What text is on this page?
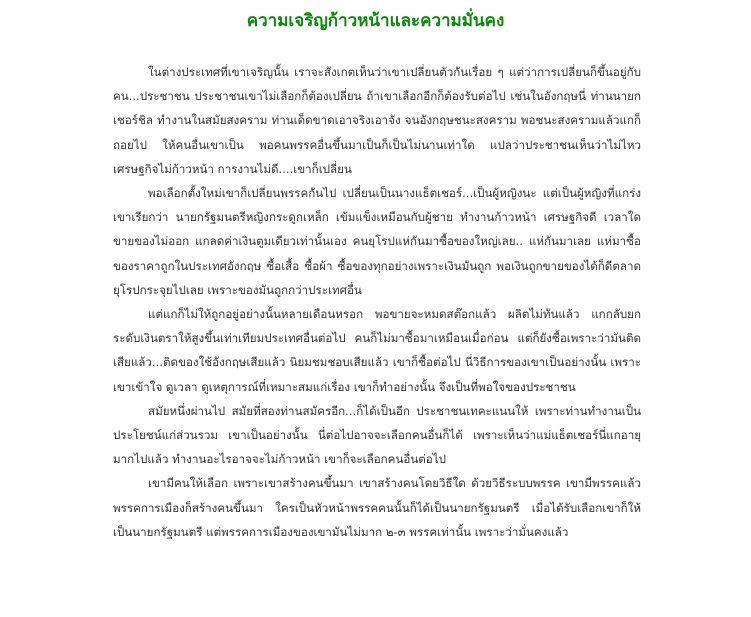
ความเจริญก้าวหน้าและความมั่นคง

ในต่างประเทศที่เขาเจริญนั้น เราจะสังเกตเห็นว่าเขาเปลี่ยนตัวกันเรื่อย ๆ แต่ว่าการเปลี่ยนก็ขึ้นอยู่กับคน...ประชาชน ประชาชนเขาไม่เลือกก็ต้องเปลี่ยน ถ้าเขาเลือกอีกก็ต้องรับต่อไป เช่นในอังกฤษนี่ ท่านนายกเชอร์ชิล ทำงานในสมัยสงคราม ท่านเด็ดขาดเอาจริงเอาจัง จนอังกฤษชนะสงคราม พอชนะสงครามแล้วแกก็ถอยไป ให้คนอื่นเขาเป็น พอคนพรรคอื่นขึ้นมาเป็นก็เป็นไม่นานเท่าใด แปลว่าประชาชนเห็นว่าไม่ไหว เศรษฐกิจไม่ก้าวหน้า การงานไม่ดี....เขาก็เปลี่ยน

พอเลือกตั้งใหม่เขาก็เปลี่ยนพรรคกันไป เปลี่ยนเป็นนางแธ็ตเชอร์...เป็นผู้หญิงนะ แต่เป็นผู้หญิงที่แกร่ง เขาเรียกว่า นายกรัฐมนตรีหญิงกระดูกเหล็ก เข้มแข็งเหมือนกับผู้ชาย ทำงานก้าวหน้า เศรษฐกิจดี เวลาใดขายของไม่ออก แกลดค่าเงินตูมเดียวเท่านั้นเอง คนยุโรปแห่กันมาซื้อของใหญ่เลย.. แห่กันมาเลย แห่มาซื้อของราคาถูกในประเทศอังกฤษ ซื้อเสื้อ ซื้อผ้า ซื้อของทุกอย่างเพราะเงินมันถูก พอเงินถูกขายของได้ก็ดีตลาดยุโรปกระจุยไปเลย เพราะของมันถูกกว่าประเทศอื่น

แต่แกก็ไม่ให้ถูกอยู่อย่างนั้นหลายเดือนหรอก พอขายจะหมดสต๊อกแล้ว ผลิตไม่ทันแล้ว แกกลับยกระดับเงินตราให้สูงขึ้นเท่าเทียมประเทศอื่นต่อไป คนก็ไม่มาซื้อมาเหมือนเมื่อก่อน แต่ก็ยังซื้อเพราะว่ามันติดเสียแล้ว...ติดของใช้อังกฤษเสียแล้ว นิยมชมชอบเสียแล้ว เขาก็ซื้อต่อไป นี่วิธีการของเขาเป็นอย่างนั้น เพราะเขาเข้าใจ ดูเวลา ดูเหตุการณ์ที่เหมาะสมแก่เรื่อง เขาก็ทำอย่างนั้น จึงเป็นที่พอใจของประชาชน

สมัยหนึ่งผ่านไป สมัยที่สองท่านสมัครอีก...ก็ได้เป็นอีก ประชาชนเทคะแนนให้ เพราะท่านทำงานเป็นประโยชน์แก่ส่วนรวม เขาเป็นอย่างนั้น นี่ต่อไปอาจจะเลือกคนอื่นก็ได้ เพราะเห็นว่าแม่แธ็ตเชอร์นี่แกอายุมากไปแล้ว ทำงานอะไรอาจจะไม่ก้าวหน้า เขาก็จะเลือกคนอื่นต่อไป

เขามีคนให้เลือก เพราะเขาสร้างคนขึ้นมา เขาสร้างคนโดยวิธีใด ด้วยวิธีระบบพรรค เขามีพรรคแล้วพรรคการเมืองก็สร้างคนขึ้นมา ใครเป็นหัวหน้าพรรคคนนั้นก็ได้เป็นนายกรัฐมนตรี เมื่อได้รับเลือกเขาก็ให้เป็นนายกรัฐมนตรี แต่พรรคการเมืองของเขามันไม่มาก ๒-๓ พรรคเท่านั้น เพราะว่ามั่นคงแล้ว
